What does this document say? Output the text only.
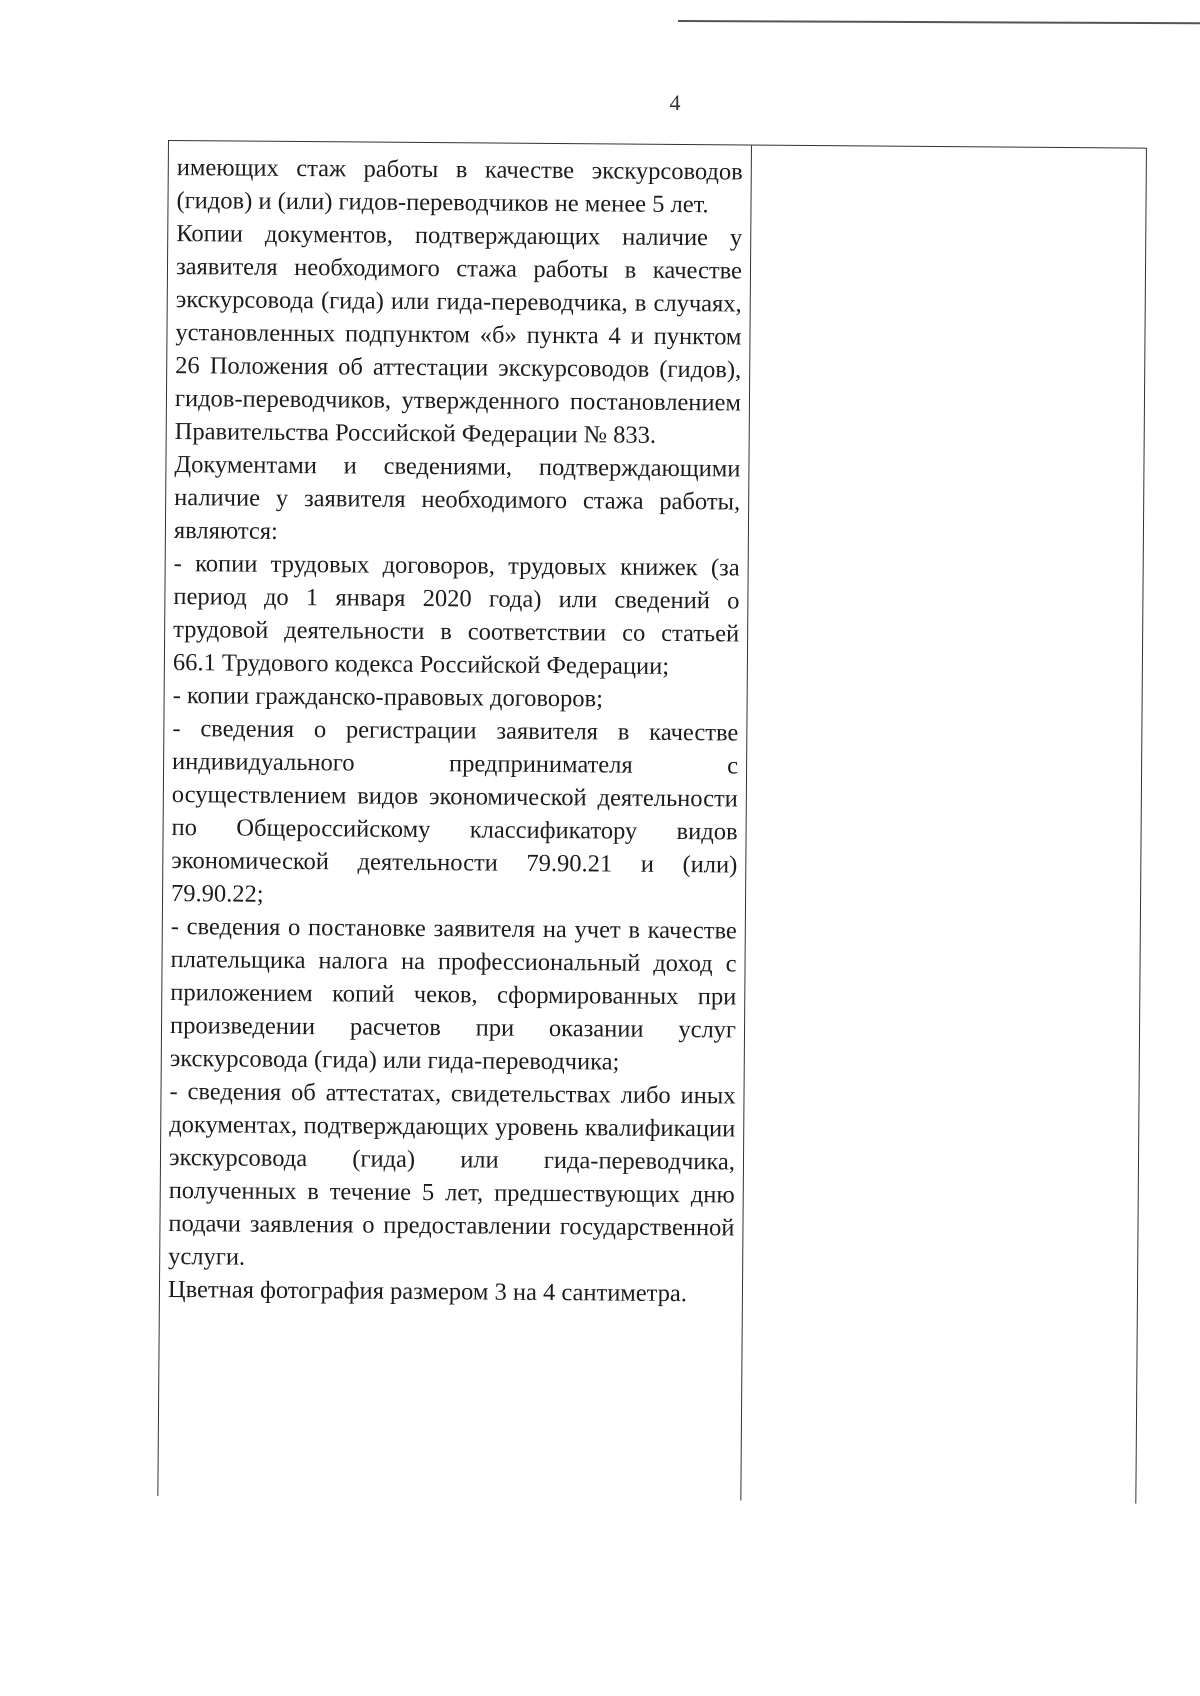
4

имеющих стаж работы в качестве экскурсоводов (гидов) и (или) гидов-переводчиков не менее 5 лет.

Копии документов, подтверждающих наличие у заявителя необходимого стажа работы в качестве экскурсовода (гида) или гида-переводчика, в случаях, установленных подпунктом «б» пункта 4 и пунктом 26 Положения об аттестации экскурсоводов (гидов), гидов-переводчиков, утвержденного постановлением Правительства Российской Федерации № 833.

Документами и сведениями, подтверждающими наличие у заявителя необходимого стажа работы, являются:

- копии трудовых договоров, трудовых книжек (за период до 1 января 2020 года) или сведений о трудовой деятельности в соответствии со статьей 66.1 Трудового кодекса Российской Федерации;

- копии гражданско-правовых договоров;

- сведения о регистрации заявителя в качестве индивидуального предпринимателя с осуществлением видов экономической деятельности по Общероссийскому классификатору видов экономической деятельности 79.90.21 и (или) 79.90.22;

- сведения о постановке заявителя на учет в качестве плательщика налога на профессиональный доход с приложением копий чеков, сформированных при произведении расчетов при оказании услуг экскурсовода (гида) или гида-переводчика;

- сведения об аттестатах, свидетельствах либо иных документах, подтверждающих уровень квалификации экскурсовода (гида) или гида-переводчика, полученных в течение 5 лет, предшествующих дню подачи заявления о предоставлении государственной услуги.

Цветная фотография размером 3 на 4 сантиметра.
